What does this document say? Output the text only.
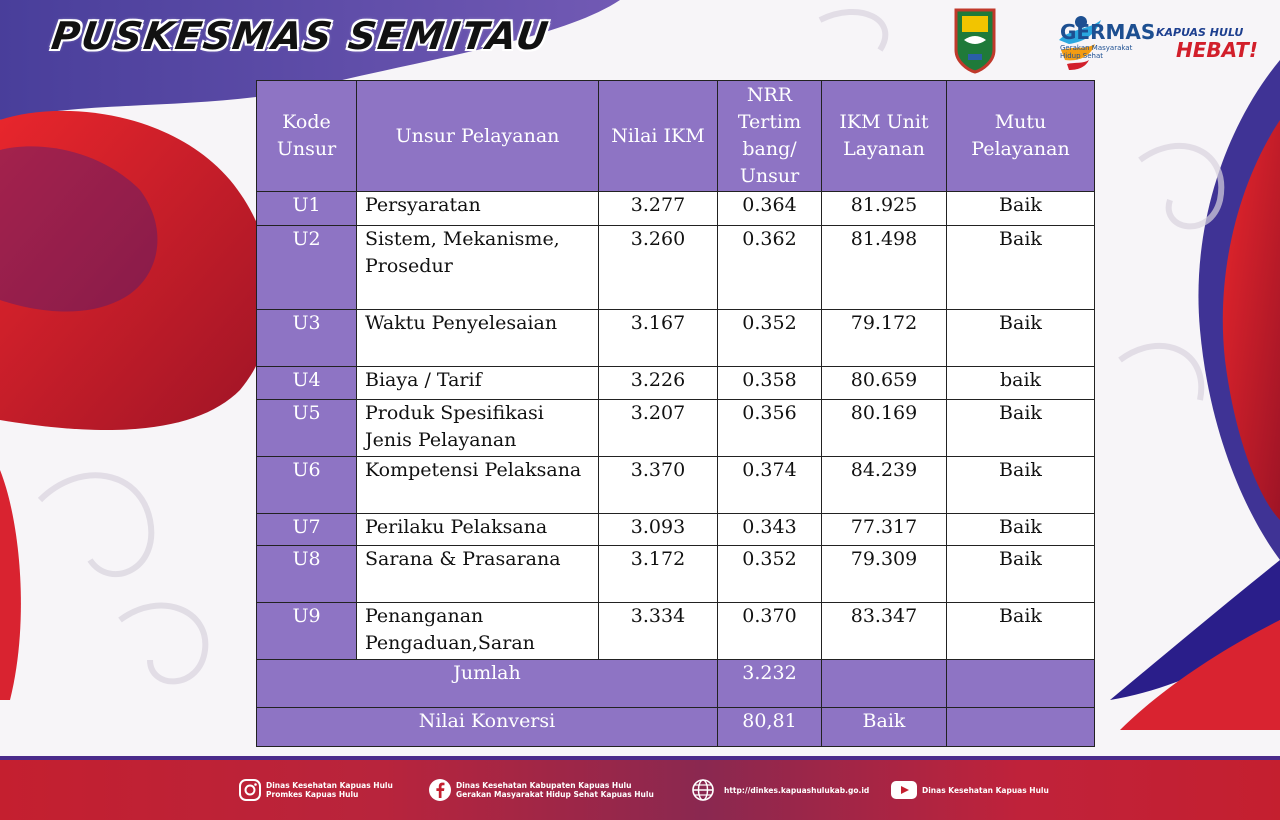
PUSKESMAS SEMITAU	GERMAS
Gerakan Masyarakat Hidup Sehat
KAPUAS HULU
HEBAT!
Kode Unsur	Unsur Pelayanan	Nilai IKM	NRR Tertim bang/ Unsur	IKM Unit Layanan	Mutu Pelayanan
U1	Persyaratan	3.277	0.364	81.925	Baik
U2	Sistem, Mekanisme, Prosedur	3.260	0.362	81.498	Baik
U3	Waktu Penyelesaian	3.167	0.352	79.172	Baik
U4	Biaya / Tarif	3.226	0.358	80.659	baik
U5	Produk Spesifikasi Jenis Pelayanan	3.207	0.356	80.169	Baik
U6	Kompetensi Pelaksana	3.370	0.374	84.239	Baik
U7	Perilaku Pelaksana	3.093	0.343	77.317	Baik
U8	Sarana & Prasarana	3.172	0.352	79.309	Baik
U9	Penanganan Pengaduan,Saran	3.334	0.370	83.347	Baik
Jumlah			3.232		
Nilai Konversi			80,81	Baik	
Dinas Kesehatan Kapuas Hulu
Promkes Kapuas Hulu
Dinas Kesehatan Kabupaten Kapuas Hulu
Gerakan Masyarakat Hidup Sehat Kapuas Hulu	http://dinkes.kapuashulukab.go.id	Dinas Kesehatan Kapuas Hulu
